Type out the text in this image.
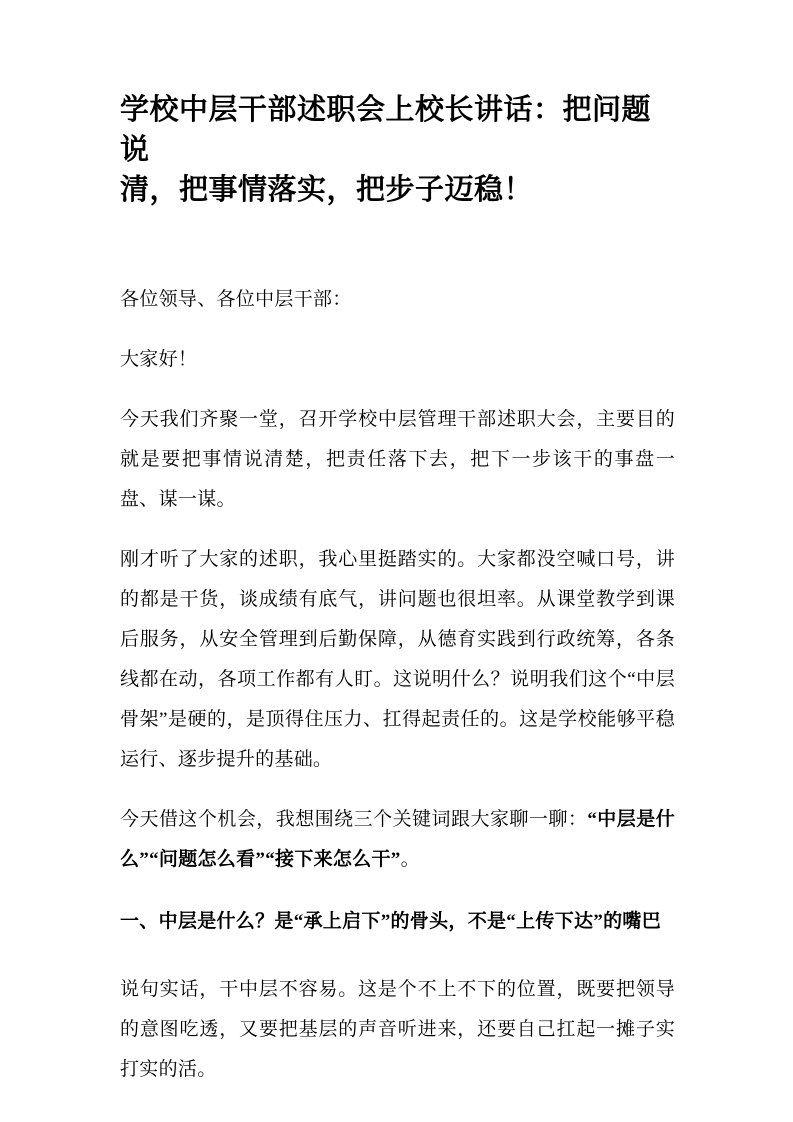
学校中层干部述职会上校长讲话：把问题说
清，把事情落实，把步子迈稳！

各位领导、各位中层干部：

大家好！

今天我们齐聚一堂，召开学校中层管理干部述职大会，主要目的就是要把事情说清楚，把责任落下去，把下一步该干的事盘一盘、谋一谋。

刚才听了大家的述职，我心里挺踏实的。大家都没空喊口号，讲的都是干货，谈成绩有底气，讲问题也很坦率。从课堂教学到课后服务，从安全管理到后勤保障，从德育实践到行政统筹，各条线都在动，各项工作都有人盯。这说明什么？说明我们这个“中层骨架”是硬的，是顶得住压力、扛得起责任的。这是学校能够平稳运行、逐步提升的基础。

今天借这个机会，我想围绕三个关键词跟大家聊一聊：“中层是什么”“问题怎么看”“接下来怎么干”。

一、中层是什么？是“承上启下”的骨头，不是“上传下达”的嘴巴

说句实话，干中层不容易。这是个不上不下的位置，既要把领导的意图吃透，又要把基层的声音听进来，还要自己扛起一摊子实打实的活。
